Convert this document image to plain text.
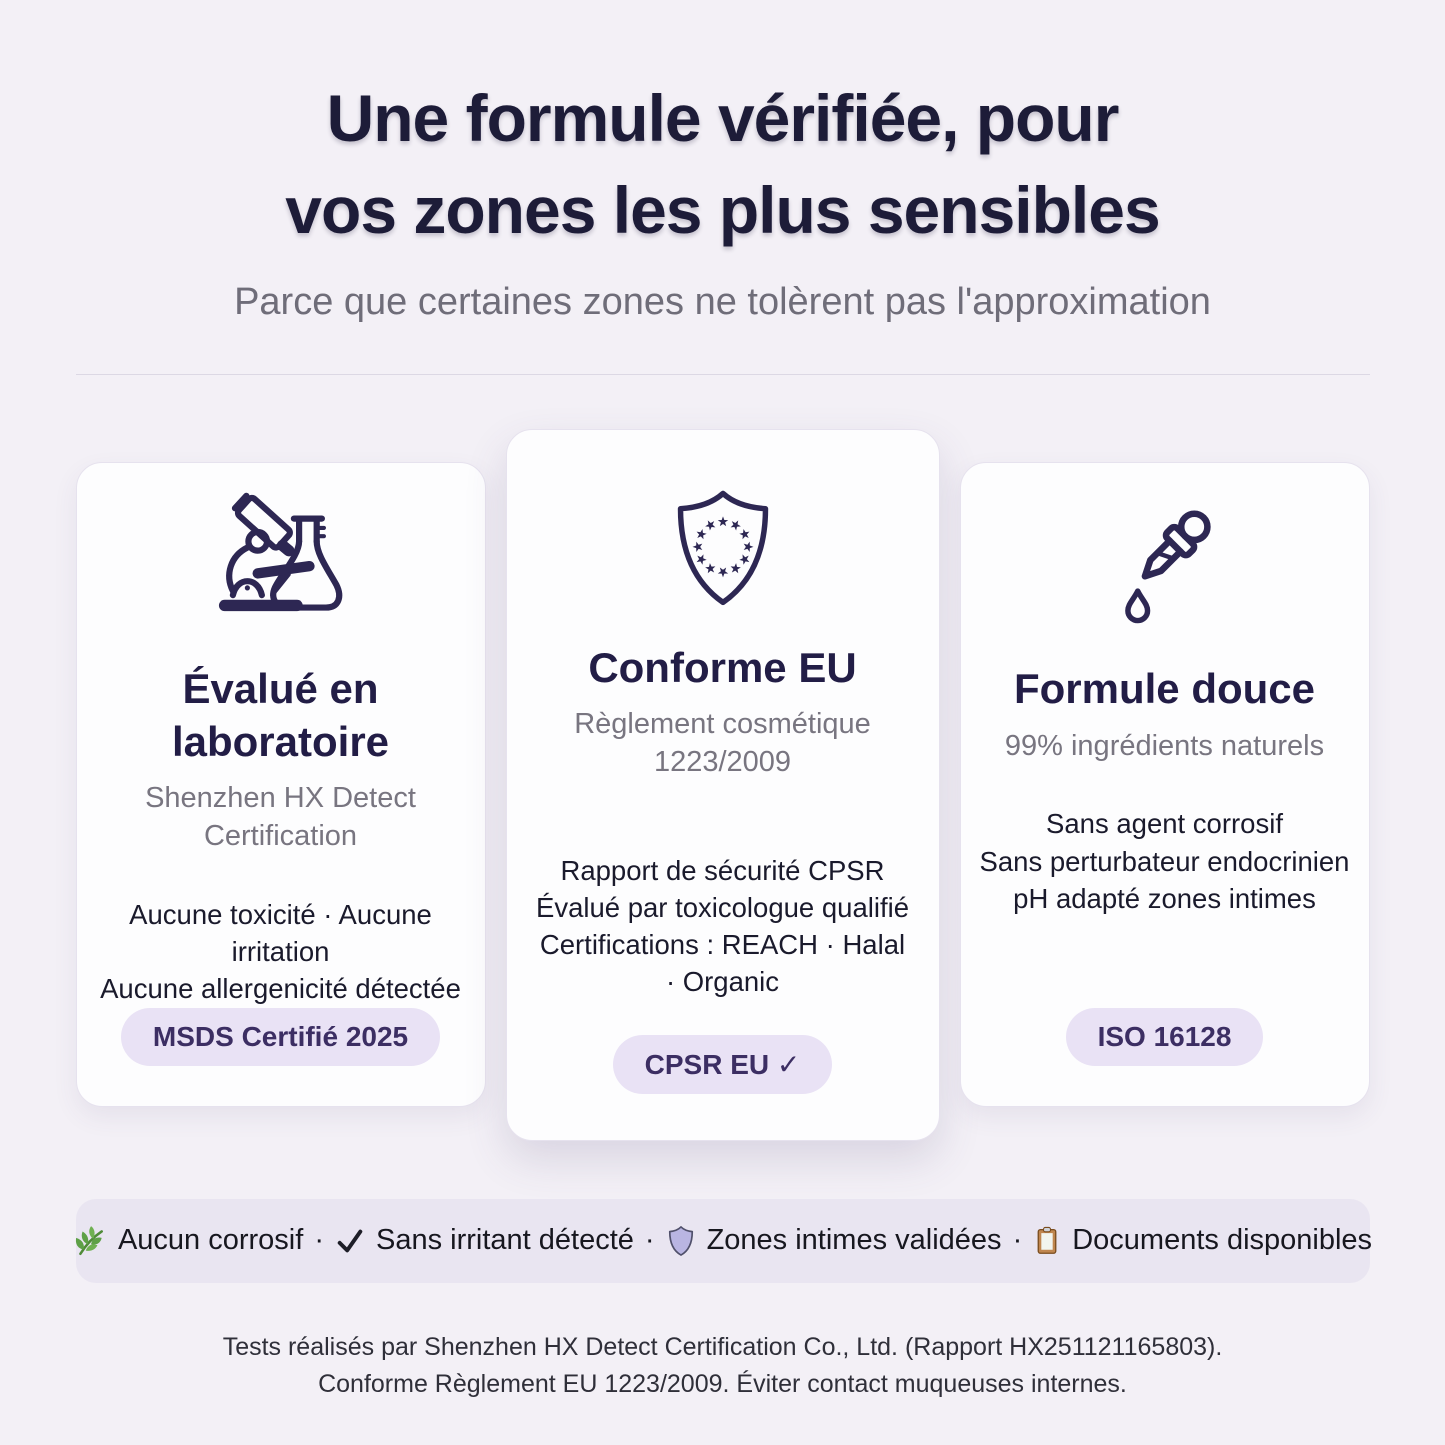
Une formule vérifiée, pour
vos zones les plus sensibles
Parce que certaines zones ne tolèrent pas l'approximation
Évalué en laboratoire

Shenzhen HX Detect Certification

Aucune toxicité · Aucune
irritation
Aucune allergenicité détectée
MSDS Certifié 2025
Conforme EU

Règlement cosmétique 1223/2009

Rapport de sécurité CPSR
Évalué par toxicologue qualifié
Certifications : REACH · Halal
· Organic
CPSR EU ✓
Formule douce

99% ingrédients naturels

Sans agent corrosif
Sans perturbateur endocrinien
pH adapté zones intimes
ISO 16128
Aucun corrosif · Sans irritant détecté · Zones intimes validées · Documents disponibles
Tests réalisés par Shenzhen HX Detect Certification Co., Ltd. (Rapport HX251121165803).
Conforme Règlement EU 1223/2009. Éviter contact muqueuses internes.
